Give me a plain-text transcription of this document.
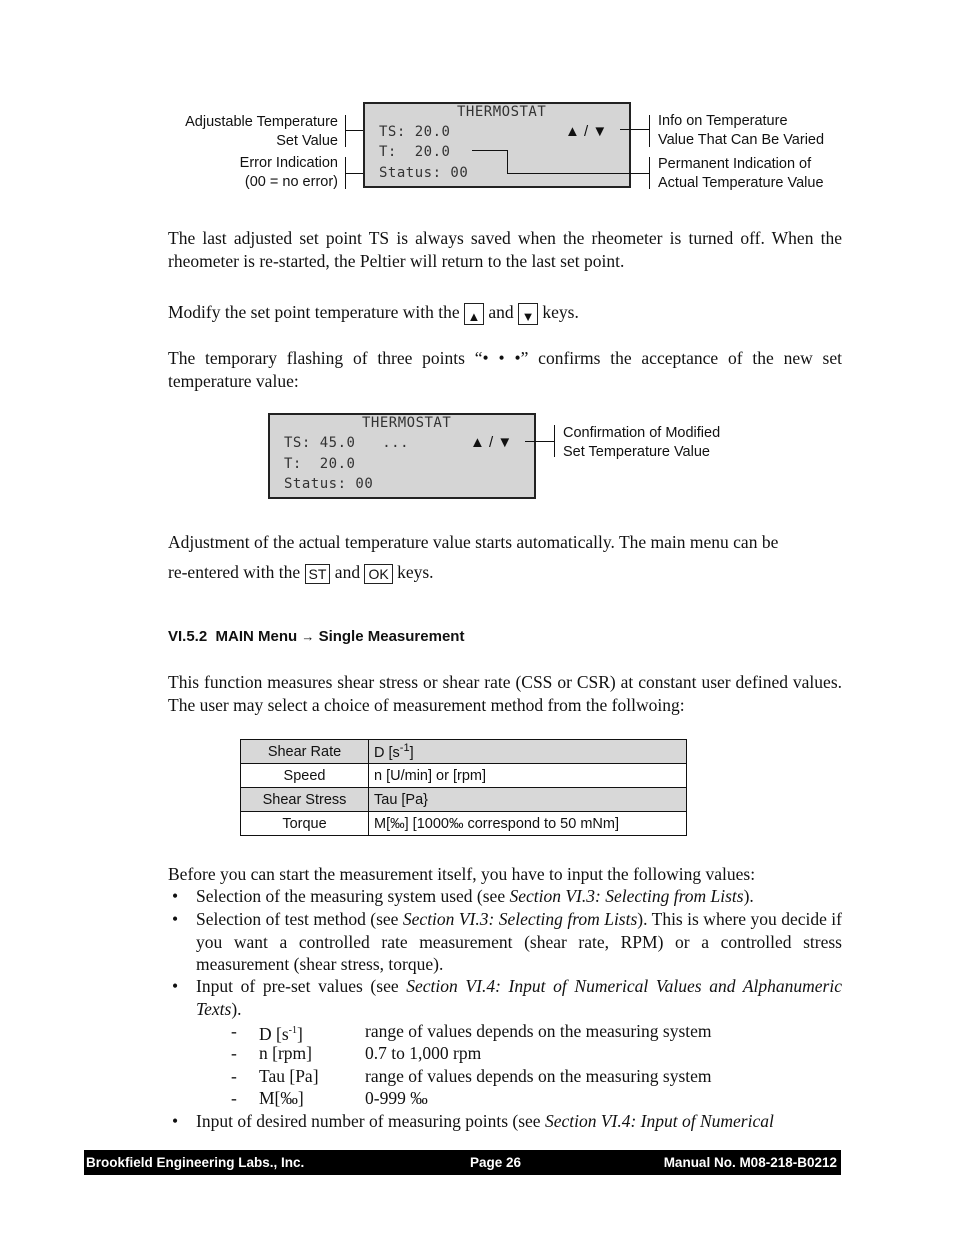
THERMOSTAT
TS: 20.0
T:  20.0
Status: 00
▲ / ▼
Adjustable Temperature
Set Value
Error Indication
(00 = no error)
Info on Temperature
Value That Can Be Varied
Permanent Indication of
Actual Temperature Value

The last adjusted set point TS is always saved when the rheometer is turned off. When the rheometer is re-started, the Peltier will return to the last set point.

Modify the set point temperature with the ▲ and ▼ keys.

The temporary flashing of three points “• • •” confirms the acceptance of the new set temperature value:

THERMOSTAT
TS: 45.0   ...
T:  20.0
Status: 00
▲ / ▼
Confirmation of Modified
Set Temperature Value

Adjustment of the actual temperature value starts automatically. The main menu can be
re-entered with the ST and OK keys.

VI.5.2 MAIN Menu → Single Measurement

This function measures shear stress or shear rate (CSS or CSR) at constant user defined values. The user may select a choice of measurement method from the follwoing:

Shear Rate	D $[s^{-1}]$
Speed	n [U/min] or [rpm]
Shear Stress	Tau [Pa}
Torque	M[‰] [1000‰ correspond to 50 mNm]

Before you can start the measurement itself, you have to input the following values:

• Selection of the measuring system used (see Section VI.3: Selecting from Lists).
• Selection of test method (see Section VI.3: Selecting from Lists). This is where you decide if you want a controlled rate measurement (shear rate, RPM) or a controlled stress measurement (shear stress, torque).
• Input of pre-set values (see Section VI.4: Input of Numerical Values and Alphanumeric Texts).
- D $[s^{-1}]$	range of values depends on the measuring system
- n [rpm]	0.7 to 1,000 rpm
- Tau [Pa]	range of values depends on the measuring system
- M[‰]	0-999 ‰
• Input of desired number of measuring points (see Section VI.4: Input of Numerical
Brookfield Engineering Labs., Inc.	Page 26	Manual No. M08-218-B0212
